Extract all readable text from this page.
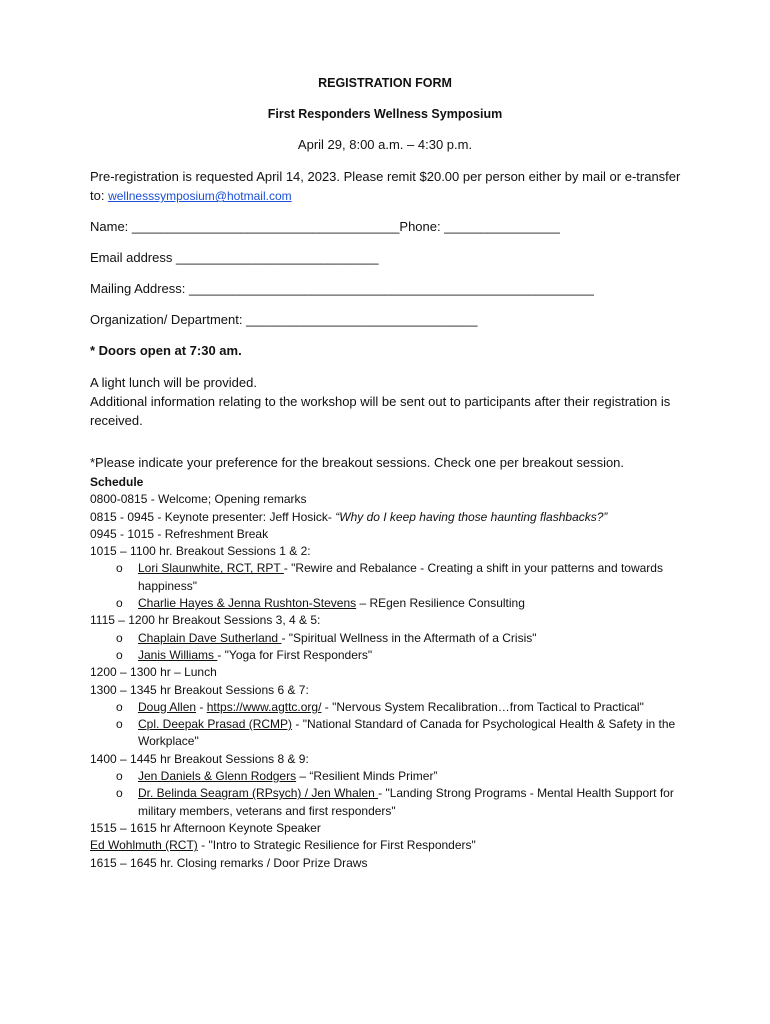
REGISTRATION FORM
First Responders Wellness Symposium
April 29, 8:00 a.m. – 4:30 p.m.
Pre-registration is requested April 14, 2023. Please remit $20.00 per person either by mail or e-transfer to: wellnesssymposium@hotmail.com
Name: _____________________________________Phone: ________________
Email address ____________________________
Mailing Address: ________________________________________________________
Organization/ Department: ________________________________
* Doors open at 7:30 am.
A light lunch will be provided.
Additional information relating to the workshop will be sent out to participants after their registration is received.
*Please indicate your preference for the breakout sessions. Check one per breakout session.
Schedule
0800-0815 - Welcome; Opening remarks
0815 - 0945 - Keynote presenter: Jeff Hosick- “Why do I keep having those haunting flashbacks?”
0945 - 1015 - Refreshment Break
1015 – 1100 hr. Breakout Sessions 1 & 2:
o Lori Slaunwhite, RCT, RPT - "Rewire and Rebalance - Creating a shift in your patterns and towards happiness"
o Charlie Hayes & Jenna Rushton-Stevens – REgen Resilience Consulting
1115 – 1200 hr Breakout Sessions 3, 4 & 5:
o Chaplain Dave Sutherland - "Spiritual Wellness in the Aftermath of a Crisis"
o Janis Williams - "Yoga for First Responders"
1200 – 1300 hr – Lunch
1300 – 1345 hr Breakout Sessions 6 & 7:
o Doug Allen - https://www.agttc.org/ - "Nervous System Recalibration…from Tactical to Practical"
o Cpl. Deepak Prasad (RCMP) - "National Standard of Canada for Psychological Health & Safety in the Workplace"
1400 – 1445 hr Breakout Sessions 8 & 9:
o Jen Daniels & Glenn Rodgers – “Resilient Minds Primer”
o Dr. Belinda Seagram (RPsych) / Jen Whalen - "Landing Strong Programs - Mental Health Support for military members, veterans and first responders"
1515 – 1615 hr Afternoon Keynote Speaker
Ed Wohlmuth (RCT) - "Intro to Strategic Resilience for First Responders"
1615 – 1645 hr. Closing remarks / Door Prize Draws
